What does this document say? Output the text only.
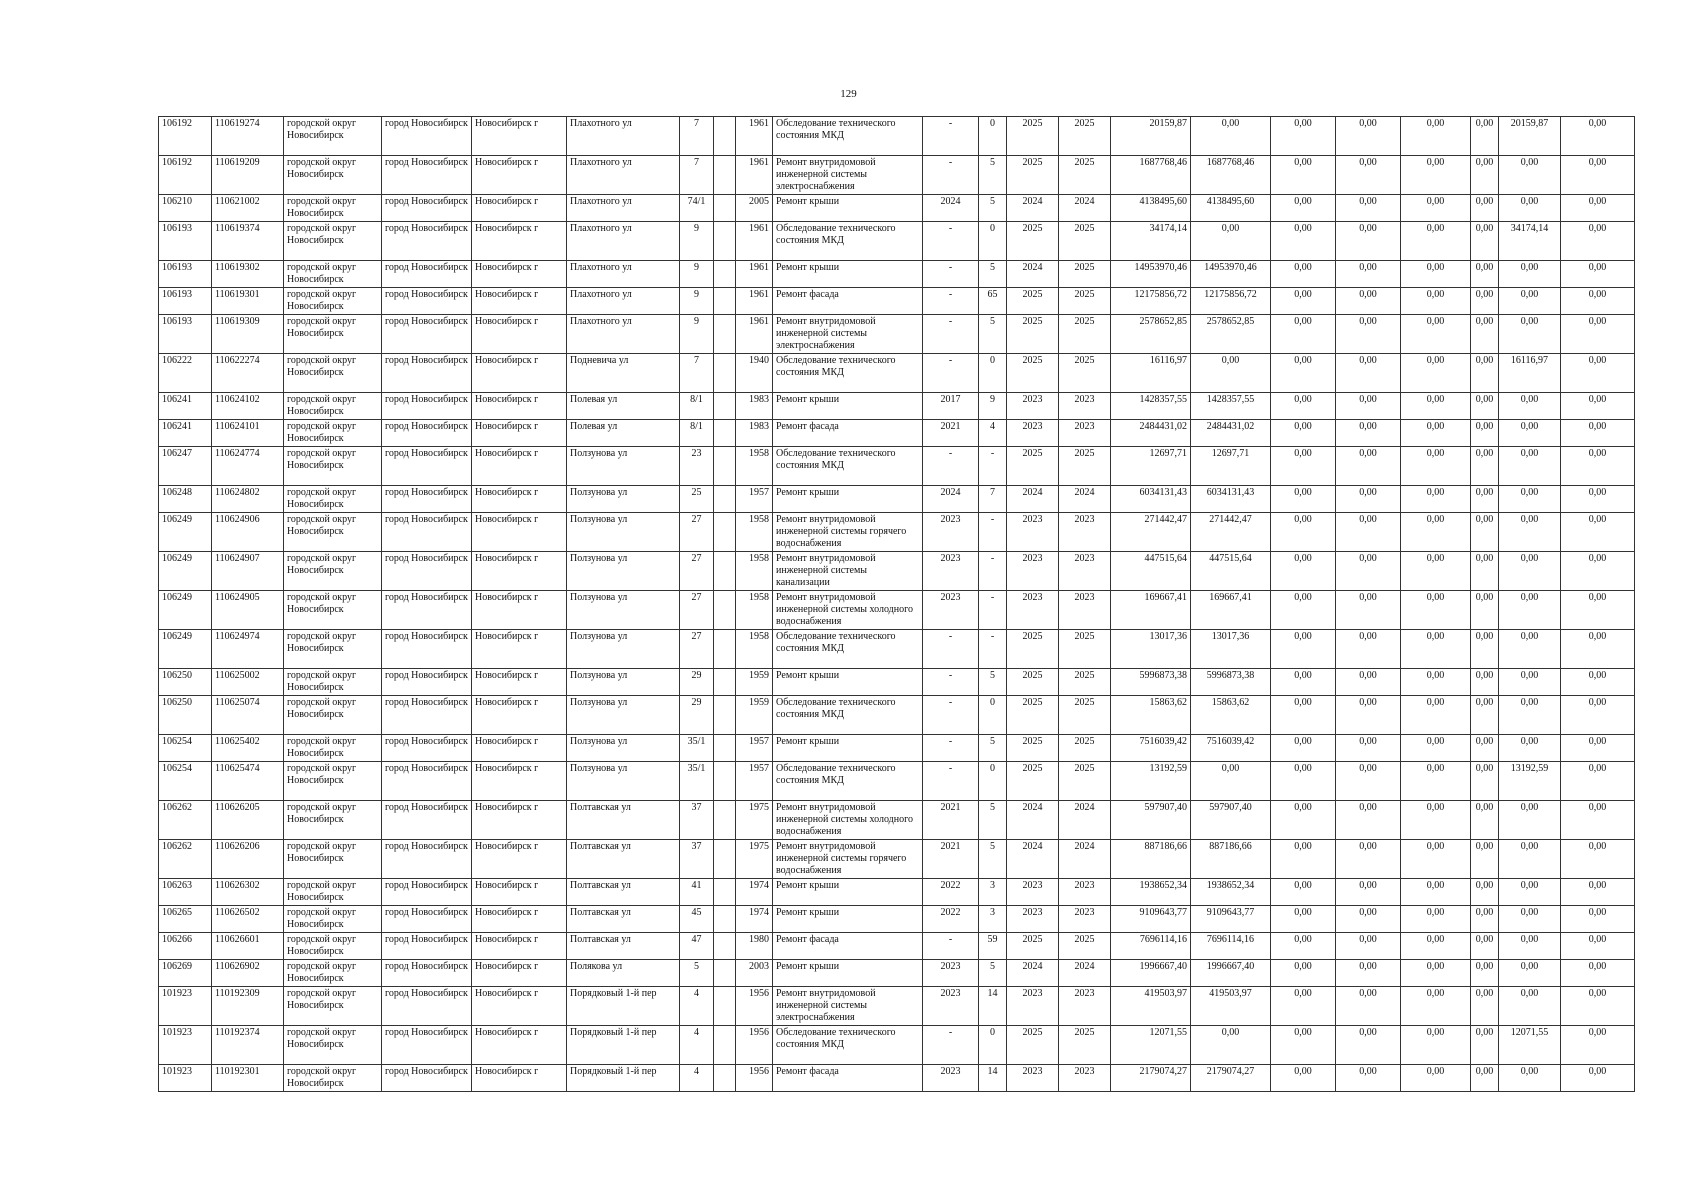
129
106192	110619274	городской округ Новосибирск	город Новосибирск	Новосибирск г	Плахотного ул	7		1961	Обследование технического состояния МКД	-	0	2025	2025	20159,87	0,00	0,00	0,00	0,00	0,00	20159,87	0,00
106192	110619209	городской округ Новосибирск	город Новосибирск	Новосибирск г	Плахотного ул	7		1961	Ремонт внутридомовой инженерной системы электроснабжения	-	5	2025	2025	1687768,46	1687768,46	0,00	0,00	0,00	0,00	0,00	0,00
106210	110621002	городской округ Новосибирск	город Новосибирск	Новосибирск г	Плахотного ул	74/1		2005	Ремонт крыши	2024	5	2024	2024	4138495,60	4138495,60	0,00	0,00	0,00	0,00	0,00	0,00
106193	110619374	городской округ Новосибирск	город Новосибирск	Новосибирск г	Плахотного ул	9		1961	Обследование технического состояния МКД	-	0	2025	2025	34174,14	0,00	0,00	0,00	0,00	0,00	34174,14	0,00
106193	110619302	городской округ Новосибирск	город Новосибирск	Новосибирск г	Плахотного ул	9		1961	Ремонт крыши	-	5	2024	2025	14953970,46	14953970,46	0,00	0,00	0,00	0,00	0,00	0,00
106193	110619301	городской округ Новосибирск	город Новосибирск	Новосибирск г	Плахотного ул	9		1961	Ремонт фасада	-	65	2025	2025	12175856,72	12175856,72	0,00	0,00	0,00	0,00	0,00	0,00
106193	110619309	городской округ Новосибирск	город Новосибирск	Новосибирск г	Плахотного ул	9		1961	Ремонт внутридомовой инженерной системы электроснабжения	-	5	2025	2025	2578652,85	2578652,85	0,00	0,00	0,00	0,00	0,00	0,00
106222	110622274	городской округ Новосибирск	город Новосибирск	Новосибирск г	Подневича ул	7		1940	Обследование технического состояния МКД	-	0	2025	2025	16116,97	0,00	0,00	0,00	0,00	0,00	16116,97	0,00
106241	110624102	городской округ Новосибирск	город Новосибирск	Новосибирск г	Полевая ул	8/1		1983	Ремонт крыши	2017	9	2023	2023	1428357,55	1428357,55	0,00	0,00	0,00	0,00	0,00	0,00
106241	110624101	городской округ Новосибирск	город Новосибирск	Новосибирск г	Полевая ул	8/1		1983	Ремонт фасада	2021	4	2023	2023	2484431,02	2484431,02	0,00	0,00	0,00	0,00	0,00	0,00
106247	110624774	городской округ Новосибирск	город Новосибирск	Новосибирск г	Ползунова ул	23		1958	Обследование технического состояния МКД	-	-	2025	2025	12697,71	12697,71	0,00	0,00	0,00	0,00	0,00	0,00
106248	110624802	городской округ Новосибирск	город Новосибирск	Новосибирск г	Ползунова ул	25		1957	Ремонт крыши	2024	7	2024	2024	6034131,43	6034131,43	0,00	0,00	0,00	0,00	0,00	0,00
106249	110624906	городской округ Новосибирск	город Новосибирск	Новосибирск г	Ползунова ул	27		1958	Ремонт внутридомовой инженерной системы горячего водоснабжения	2023	-	2023	2023	271442,47	271442,47	0,00	0,00	0,00	0,00	0,00	0,00
106249	110624907	городской округ Новосибирск	город Новосибирск	Новосибирск г	Ползунова ул	27		1958	Ремонт внутридомовой инженерной системы канализации	2023	-	2023	2023	447515,64	447515,64	0,00	0,00	0,00	0,00	0,00	0,00
106249	110624905	городской округ Новосибирск	город Новосибирск	Новосибирск г	Ползунова ул	27		1958	Ремонт внутридомовой инженерной системы холодного водоснабжения	2023	-	2023	2023	169667,41	169667,41	0,00	0,00	0,00	0,00	0,00	0,00
106249	110624974	городской округ Новосибирск	город Новосибирск	Новосибирск г	Ползунова ул	27		1958	Обследование технического состояния МКД	-	-	2025	2025	13017,36	13017,36	0,00	0,00	0,00	0,00	0,00	0,00
106250	110625002	городской округ Новосибирск	город Новосибирск	Новосибирск г	Ползунова ул	29		1959	Ремонт крыши	-	5	2025	2025	5996873,38	5996873,38	0,00	0,00	0,00	0,00	0,00	0,00
106250	110625074	городской округ Новосибирск	город Новосибирск	Новосибирск г	Ползунова ул	29		1959	Обследование технического состояния МКД	-	0	2025	2025	15863,62	15863,62	0,00	0,00	0,00	0,00	0,00	0,00
106254	110625402	городской округ Новосибирск	город Новосибирск	Новосибирск г	Ползунова ул	35/1		1957	Ремонт крыши	-	5	2025	2025	7516039,42	7516039,42	0,00	0,00	0,00	0,00	0,00	0,00
106254	110625474	городской округ Новосибирск	город Новосибирск	Новосибирск г	Ползунова ул	35/1		1957	Обследование технического состояния МКД	-	0	2025	2025	13192,59	0,00	0,00	0,00	0,00	0,00	13192,59	0,00
106262	110626205	городской округ Новосибирск	город Новосибирск	Новосибирск г	Полтавская ул	37		1975	Ремонт внутридомовой инженерной системы холодного водоснабжения	2021	5	2024	2024	597907,40	597907,40	0,00	0,00	0,00	0,00	0,00	0,00
106262	110626206	городской округ Новосибирск	город Новосибирск	Новосибирск г	Полтавская ул	37		1975	Ремонт внутридомовой инженерной системы горячего водоснабжения	2021	5	2024	2024	887186,66	887186,66	0,00	0,00	0,00	0,00	0,00	0,00
106263	110626302	городской округ Новосибирск	город Новосибирск	Новосибирск г	Полтавская ул	41		1974	Ремонт крыши	2022	3	2023	2023	1938652,34	1938652,34	0,00	0,00	0,00	0,00	0,00	0,00
106265	110626502	городской округ Новосибирск	город Новосибирск	Новосибирск г	Полтавская ул	45		1974	Ремонт крыши	2022	3	2023	2023	9109643,77	9109643,77	0,00	0,00	0,00	0,00	0,00	0,00
106266	110626601	городской округ Новосибирск	город Новосибирск	Новосибирск г	Полтавская ул	47		1980	Ремонт фасада	-	59	2025	2025	7696114,16	7696114,16	0,00	0,00	0,00	0,00	0,00	0,00
106269	110626902	городской округ Новосибирск	город Новосибирск	Новосибирск г	Полякова ул	5		2003	Ремонт крыши	2023	5	2024	2024	1996667,40	1996667,40	0,00	0,00	0,00	0,00	0,00	0,00
101923	110192309	городской округ Новосибирск	город Новосибирск	Новосибирск г	Порядковый 1-й пер	4		1956	Ремонт внутридомовой инженерной системы электроснабжения	2023	14	2023	2023	419503,97	419503,97	0,00	0,00	0,00	0,00	0,00	0,00
101923	110192374	городской округ Новосибирск	город Новосибирск	Новосибирск г	Порядковый 1-й пер	4		1956	Обследование технического состояния МКД	-	0	2025	2025	12071,55	0,00	0,00	0,00	0,00	0,00	12071,55	0,00
101923	110192301	городской округ Новосибирск	город Новосибирск	Новосибирск г	Порядковый 1-й пер	4		1956	Ремонт фасада	2023	14	2023	2023	2179074,27	2179074,27	0,00	0,00	0,00	0,00	0,00	0,00
